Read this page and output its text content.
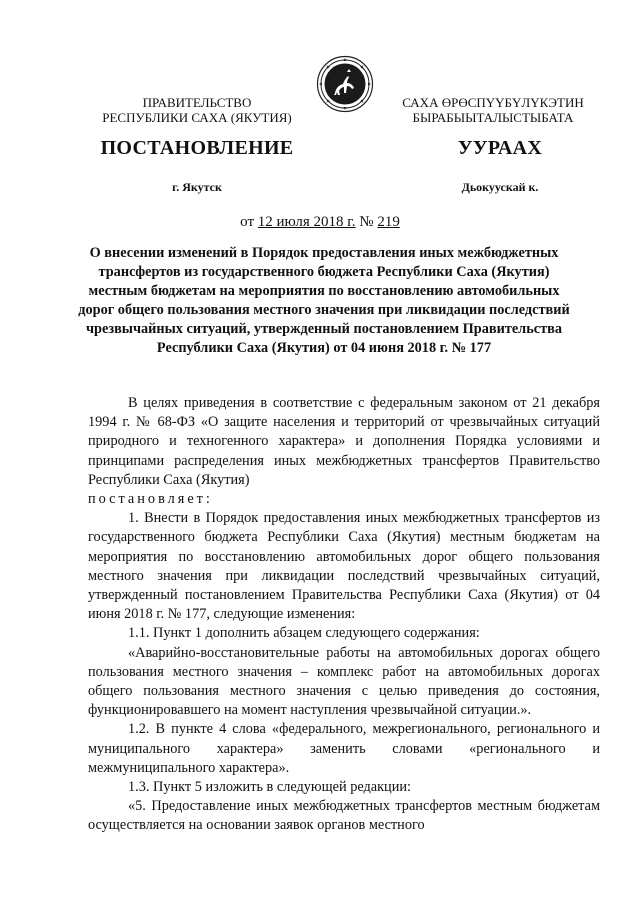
ПРАВИТЕЛЬСТВО
РЕСПУБЛИКИ САХА (ЯКУТИЯ)
САХА ӨРӨСПҮҮБҮЛҮКЭТИН
БЫРАБЫЫТАЛЫСТЫБАТА
ПОСТАНОВЛЕНИЕ	УУРААХ
г. Якутск	Дьокуускай к.
от 12 июля 2018 г. № 219
О внесении изменений в Порядок предоставления иных межбюджетных трансфертов из государственного бюджета Республики Саха (Якутия) местным бюджетам на мероприятия по восстановлению автомобильных дорог общего пользования местного значения при ликвидации последствий чрезвычайных ситуаций, утвержденный постановлением Правительства Республики Саха (Якутия) от 04 июня 2018 г. № 177

В целях приведения в соответствие с федеральным законом от 21 декабря 1994 г. № 68-ФЗ «О защите населения и территорий от чрезвычайных ситуаций природного и техногенного характера» и дополнения Порядка условиями и принципами распределения иных межбюджетных трансфертов Правительство Республики Саха (Якутия)

постановляет:

1. Внести в Порядок предоставления иных межбюджетных трансфертов из государственного бюджета Республики Саха (Якутия) местным бюджетам на мероприятия по восстановлению автомобильных дорог общего пользования местного значения при ликвидации последствий чрезвычайных ситуаций, утвержденный постановлением Правительства Республики Саха (Якутия) от 04 июня 2018 г. № 177, следующие изменения:

1.1. Пункт 1 дополнить абзацем следующего содержания:

«Аварийно-восстановительные работы на автомобильных дорогах общего пользования местного значения – комплекс работ на автомобильных дорогах общего пользования местного значения с целью приведения до состояния, функционировавшего на момент наступления чрезвычайной ситуации.».

1.2. В пункте 4 слова «федерального, межрегионального, регионального и муниципального характера» заменить словами «регионального и межмуниципального характера».

1.3. Пункт 5 изложить в следующей редакции:

«5. Предоставление иных межбюджетных трансфертов местным бюджетам осуществляется на основании заявок органов местного
